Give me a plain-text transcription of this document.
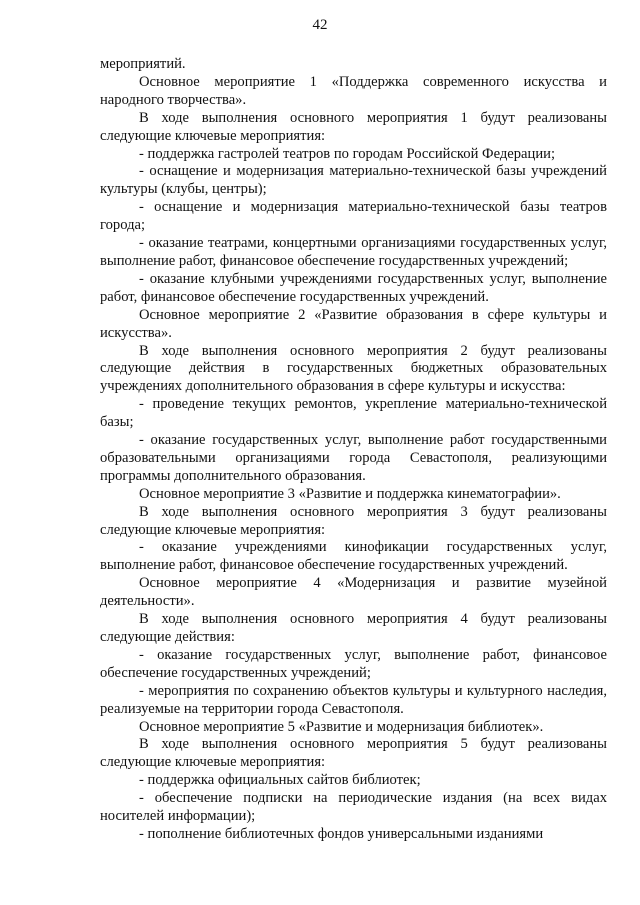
42

мероприятий.

Основное мероприятие 1 «Поддержка современного искусства и народного творчества».

В ходе выполнения основного мероприятия 1 будут реализованы следующие ключевые мероприятия:

- поддержка гастролей театров по городам Российской Федерации;

- оснащение и модернизация материально-технической базы учреждений культуры (клубы, центры);

- оснащение и модернизация материально-технической базы театров города;

- оказание театрами, концертными организациями государственных услуг, выполнение работ, финансовое обеспечение государственных учреждений;

- оказание клубными учреждениями государственных услуг, выполнение работ, финансовое обеспечение государственных учреждений.

Основное мероприятие 2 «Развитие образования в сфере культуры и искусства».

В ходе выполнения основного мероприятия 2 будут реализованы следующие действия в государственных бюджетных образовательных учреждениях дополнительного образования в сфере культуры и искусства:

- проведение текущих ремонтов, укрепление материально-технической базы;

- оказание государственных услуг, выполнение работ государственными образовательными организациями города Севастополя, реализующими программы дополнительного образования.

Основное мероприятие 3 «Развитие и поддержка кинематографии».

В ходе выполнения основного мероприятия 3 будут реализованы следующие ключевые мероприятия:

- оказание учреждениями кинофикации государственных услуг, выполнение работ, финансовое обеспечение государственных учреждений.

Основное мероприятие 4 «Модернизация и развитие музейной деятельности».

В ходе выполнения основного мероприятия 4 будут реализованы следующие действия:

- оказание государственных услуг, выполнение работ, финансовое обеспечение государственных учреждений;

- мероприятия по сохранению объектов культуры и культурного наследия, реализуемые на территории города Севастополя.

Основное мероприятие 5 «Развитие и модернизация библиотек».

В ходе выполнения основного мероприятия 5 будут реализованы следующие ключевые мероприятия:

- поддержка официальных сайтов библиотек;

- обеспечение подписки на периодические издания (на всех видах носителей информации);

- пополнение библиотечных фондов универсальными изданиями
